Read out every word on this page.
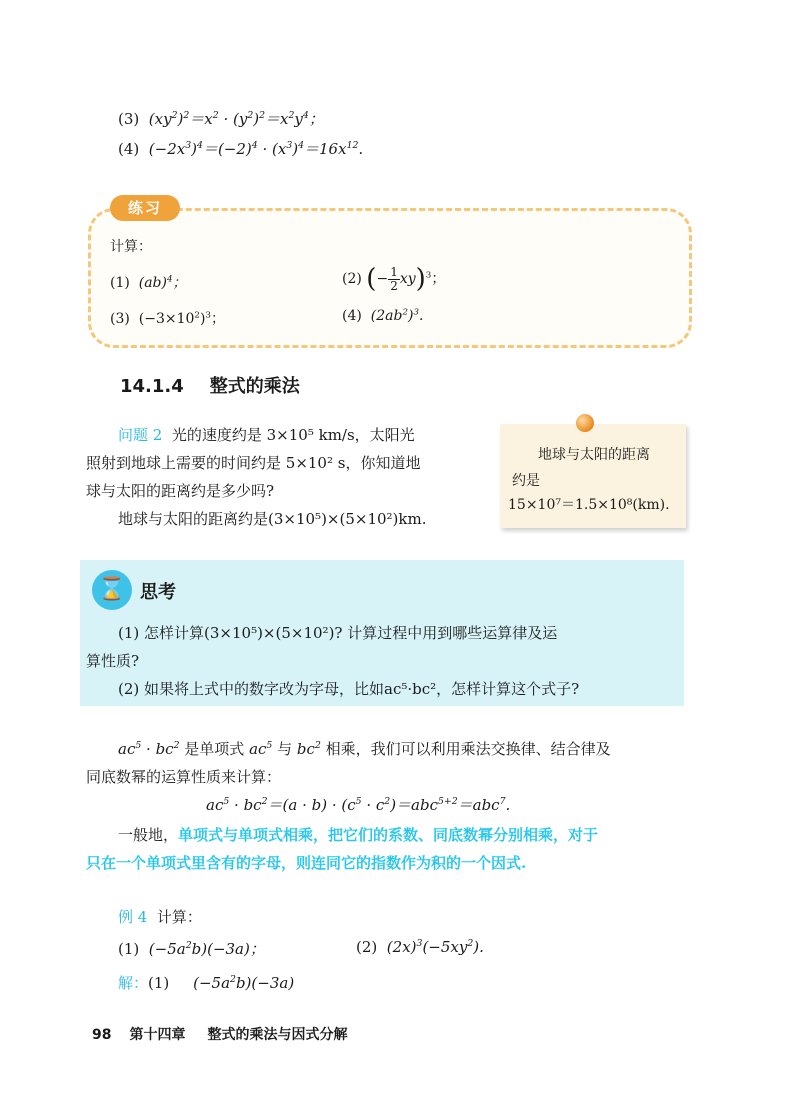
(3)  $(xy^2)^2=x^2 \cdot (y^2)^2=x^2y^4$；
(4)  $(-2x^3)^4=(-2)^4 \cdot (x^3)^4=16x^{12}$.
练习
计算：
(1)  (ab)$^4$；	(2) (− $\frac{1}{2} xy)^3$；
(3)  $(-3\times 10^2)^3$；	(4)  $(2ab^2)^3$.
14.1.4 整式的乘法
问题 2 光的速度约是 3×10⁵ km/s，太阳光
照射到地球上需要的时间约是 5×10² s，你知道地
球与太阳的距离约是多少吗?
地球与太阳的距离约是(3×10⁵)×(5×10²)km.
地球与太阳的距离
约是
15×10⁷＝1.5×10⁸(km).
⌛ 思考
(1) 怎样计算(3×10⁵)×(5×10²)? 计算过程中用到哪些运算律及运
算性质?
(2) 如果将上式中的数字改为字母，比如ac⁵·bc²，怎样计算这个式子?
$ac^5 \cdot bc^2$ 是单项式 $ac^5$ 与 $bc^2$ 相乘，我们可以利用乘法交换律、结合律及
同底数幂的运算性质来计算：
$ac^5 \cdot bc^2=(a \cdot b) \cdot (c^5 \cdot c^2)=abc^{5+2}=abc^7$.
一般地，单项式与单项式相乘，把它们的系数、同底数幂分别相乘，对于
只在一个单项式里含有的字母，则连同它的指数作为积的一个因式.
例 4 计算：
(1)  $(-5a^2b)(-3a)$；	(2)  $(2x)^3(-5xy^2)$.
解：(1)     $(-5a^2b)(-3a)$
98 第十四章 整式的乘法与因式分解
